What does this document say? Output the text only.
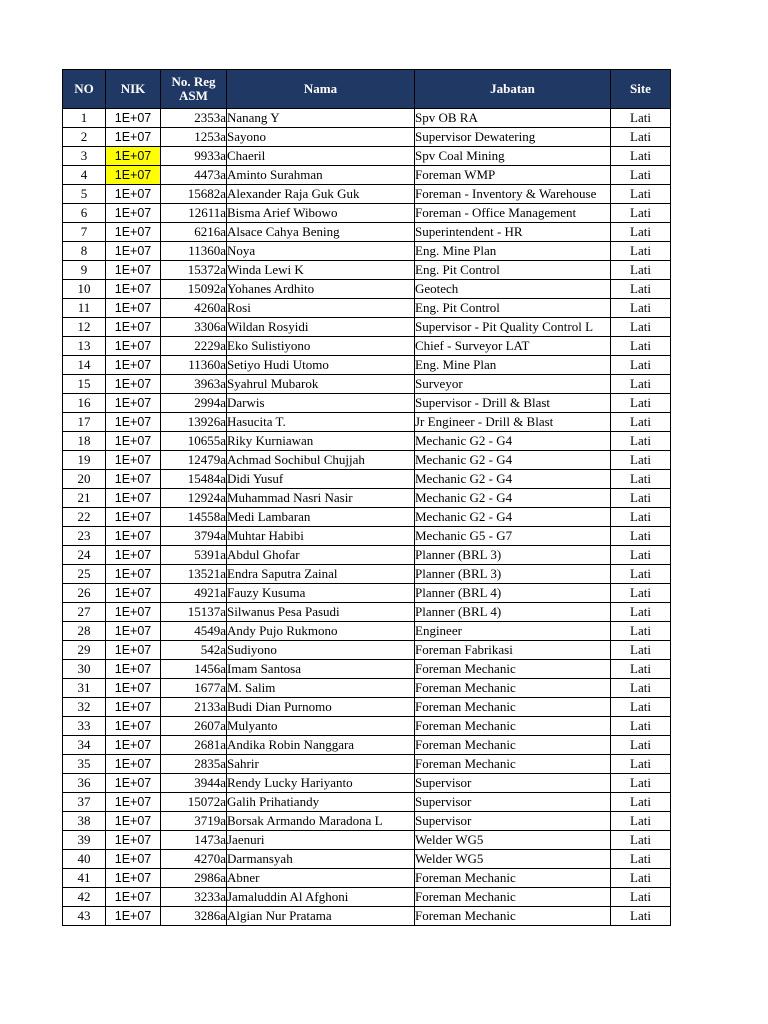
NO	NIK	No. Reg ASM	Nama	Jabatan	Site
1	1E+07	2353a	Nanang Y	Spv OB RA	Lati
2	1E+07	1253a	Sayono	Supervisor Dewatering	Lati
3	1E+07	9933a	Chaeril	Spv Coal Mining	Lati
4	1E+07	4473a	Aminto Surahman	Foreman WMP	Lati
5	1E+07	15682a	Alexander Raja Guk Guk	Foreman - Inventory & Warehouse	Lati
6	1E+07	12611a	Bisma Arief Wibowo	Foreman - Office Management	Lati
7	1E+07	6216a	Alsace Cahya Bening	Superintendent - HR	Lati
8	1E+07	11360a	Noya	Eng. Mine Plan	Lati
9	1E+07	15372a	Winda Lewi K	Eng. Pit Control	Lati
10	1E+07	15092a	Yohanes Ardhito	Geotech	Lati
11	1E+07	4260a	Rosi	Eng. Pit Control	Lati
12	1E+07	3306a	Wildan Rosyidi	Supervisor - Pit Quality Control L	Lati
13	1E+07	2229a	Eko Sulistiyono	Chief - Surveyor LAT	Lati
14	1E+07	11360a	Setiyo Hudi Utomo	Eng. Mine Plan	Lati
15	1E+07	3963a	Syahrul Mubarok	Surveyor	Lati
16	1E+07	2994a	Darwis	Supervisor - Drill & Blast	Lati
17	1E+07	13926a	Hasucita T.	Jr Engineer - Drill & Blast	Lati
18	1E+07	10655a	Riky Kurniawan	Mechanic G2 - G4	Lati
19	1E+07	12479a	Achmad Sochibul Chujjah	Mechanic G2 - G4	Lati
20	1E+07	15484a	Didi Yusuf	Mechanic G2 - G4	Lati
21	1E+07	12924a	Muhammad Nasri Nasir	Mechanic G2 - G4	Lati
22	1E+07	14558a	Medi Lambaran	Mechanic G2 - G4	Lati
23	1E+07	3794a	Muhtar Habibi	Mechanic G5 - G7	Lati
24	1E+07	5391a	Abdul Ghofar	Planner (BRL 3)	Lati
25	1E+07	13521a	Endra Saputra Zainal	Planner (BRL 3)	Lati
26	1E+07	4921a	Fauzy Kusuma	Planner (BRL 4)	Lati
27	1E+07	15137a	Silwanus Pesa Pasudi	Planner (BRL 4)	Lati
28	1E+07	4549a	Andy Pujo Rukmono	Engineer	Lati
29	1E+07	542a	Sudiyono	Foreman Fabrikasi	Lati
30	1E+07	1456a	Imam Santosa	Foreman Mechanic	Lati
31	1E+07	1677a	M. Salim	Foreman Mechanic	Lati
32	1E+07	2133a	Budi Dian Purnomo	Foreman Mechanic	Lati
33	1E+07	2607a	Mulyanto	Foreman Mechanic	Lati
34	1E+07	2681a	Andika Robin Nanggara	Foreman Mechanic	Lati
35	1E+07	2835a	Sahrir	Foreman Mechanic	Lati
36	1E+07	3944a	Rendy Lucky Hariyanto	Supervisor	Lati
37	1E+07	15072a	Galih Prihatiandy	Supervisor	Lati
38	1E+07	3719a	Borsak Armando Maradona L	Supervisor	Lati
39	1E+07	1473a	Jaenuri	Welder WG5	Lati
40	1E+07	4270a	Darmansyah	Welder WG5	Lati
41	1E+07	2986a	Abner	Foreman Mechanic	Lati
42	1E+07	3233a	Jamaluddin Al Afghoni	Foreman Mechanic	Lati
43	1E+07	3286a	Algian Nur Pratama	Foreman Mechanic	Lati
